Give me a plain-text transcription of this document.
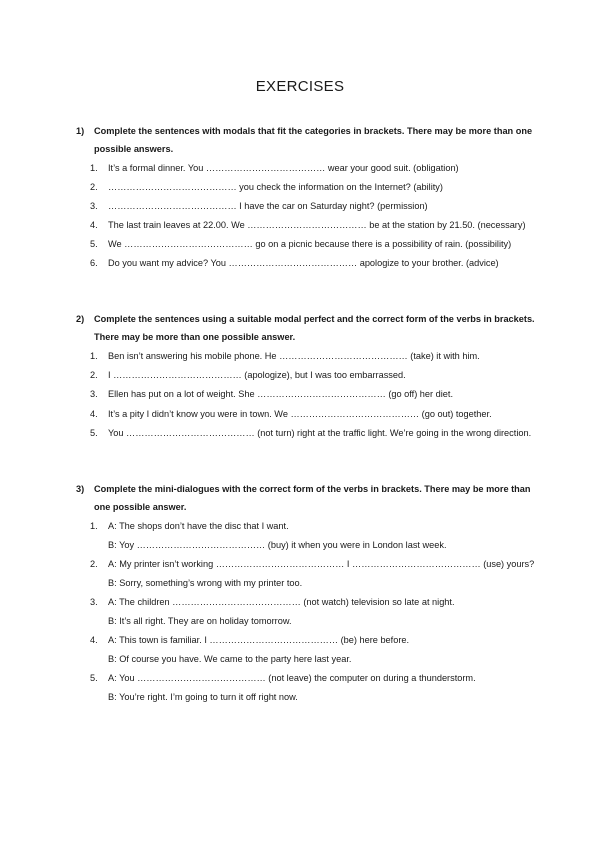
EXERCISES
1)	Complete the sentences with modals that fit the categories in brackets. There may be more than one possible answers.
1. It’s a formal dinner. You ………………………………… wear your good suit. (obligation)
2. …………………………………… you check the information on the Internet? (ability)
3. …………………………………… I have the car on Saturday night? (permission)
4. The last train leaves at 22.00. We ………………………………… be at the station by 21.50. (necessary)
5. We …………………………………… go on a picnic because there is a possibility of rain. (possibility)
6. Do you want my advice? You …………………………………… apologize to your brother. (advice)
2)	Complete the sentences using a suitable modal perfect and the correct form of the verbs in brackets. There may be more than one possible answer.
1. Ben isn’t answering his mobile phone. He …………………………………… (take) it with him.
2. I …………………………………… (apologize), but I was too embarrassed.
3. Ellen has put on a lot of weight. She …………………………………… (go off) her diet.
4. It’s a pity I didn’t know you were in town. We …………………………………… (go out) together.
5. You …………………………………… (not turn) right at the traffic light. We’re going in the wrong direction.
3)	Complete the mini-dialogues with the correct form of the verbs in brackets. There may be more than one possible answer.
1. A: The shops don’t have the disc that I want.
B: Yoy …………………………………… (buy) it when you were in London last week.
2. A: My printer isn’t working …………………………………… I …………………………………… (use) yours?
B: Sorry, something’s wrong with my printer too.
3. A: The children …………………………………… (not watch) television so late at night.
B: It’s all right. They are on holiday tomorrow.
4. A: This town is familiar. I …………………………………… (be) here before.
B: Of course you have. We came to the party here last year.
5. A: You …………………………………… (not leave) the computer on during a thunderstorm.
B: You’re right. I’m going to turn it off right now.
